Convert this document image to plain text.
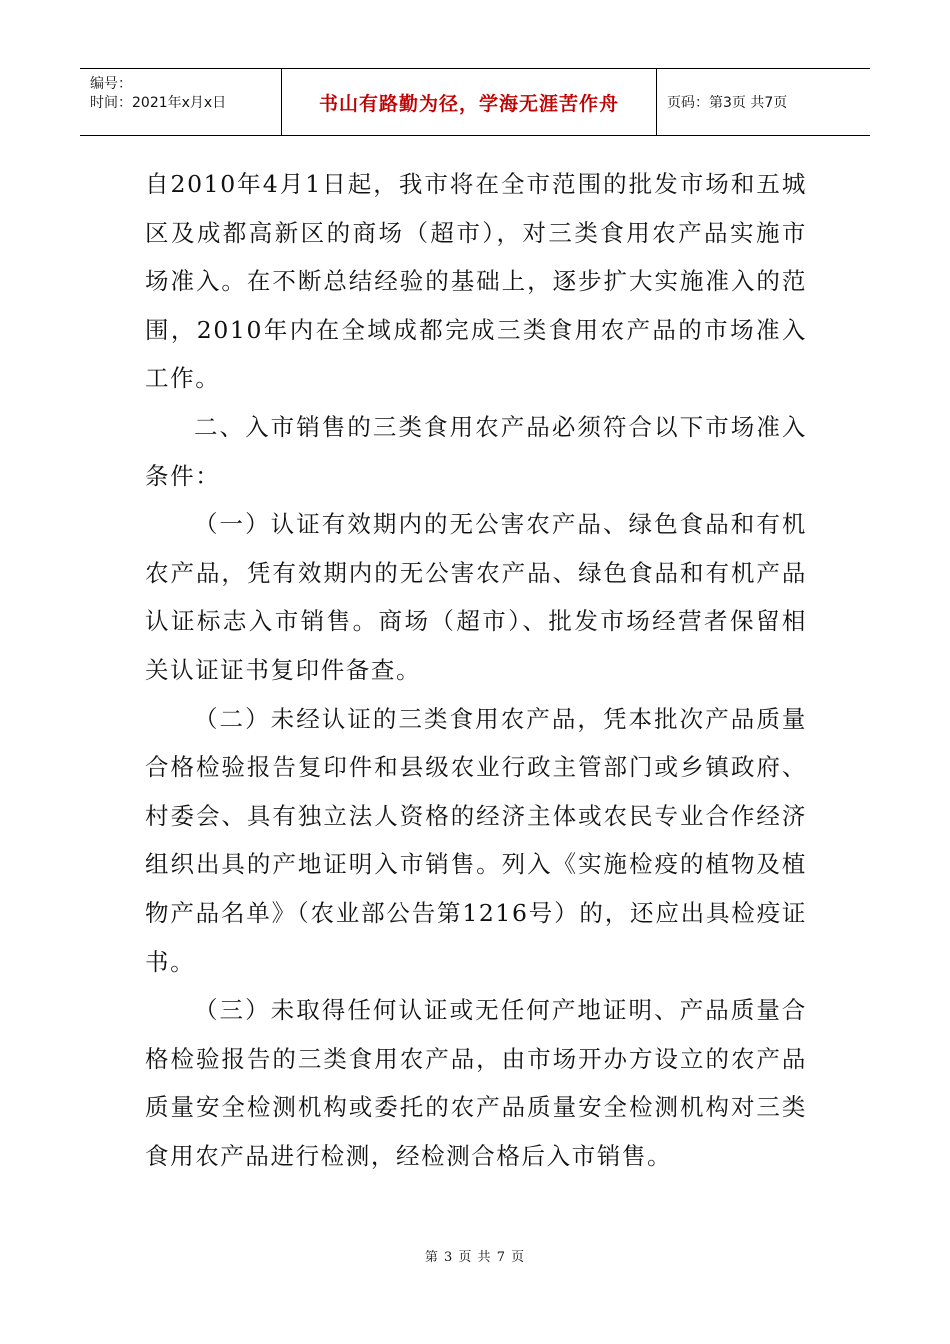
编号：
时间：2021年x月x日	书山有路勤为径，学海无涯苦作舟	页码：第3页 共7页

自2010年4月1日起，我市将在全市范围的批发市场和五城区及成都高新区的商场（超市），对三类食用农产品实施市场准入。在不断总结经验的基础上，逐步扩大实施准入的范围，2010年内在全域成都完成三类食用农产品的市场准入工作。

二、入市销售的三类食用农产品必须符合以下市场准入条件：

（一）认证有效期内的无公害农产品、绿色食品和有机农产品，凭有效期内的无公害农产品、绿色食品和有机产品认证标志入市销售。商场（超市）、批发市场经营者保留相关认证证书复印件备查。

（二）未经认证的三类食用农产品，凭本批次产品质量合格检验报告复印件和县级农业行政主管部门或乡镇政府、村委会、具有独立法人资格的经济主体或农民专业合作经济组织出具的产地证明入市销售。列入《实施检疫的植物及植物产品名单》（农业部公告第1216号）的，还应出具检疫证书。

（三）未取得任何认证或无任何产地证明、产品质量合格检验报告的三类食用农产品，由市场开办方设立的农产品质量安全检测机构或委托的农产品质量安全检测机构对三类食用农产品进行检测，经检测合格后入市销售。

第 3 页 共 7 页
